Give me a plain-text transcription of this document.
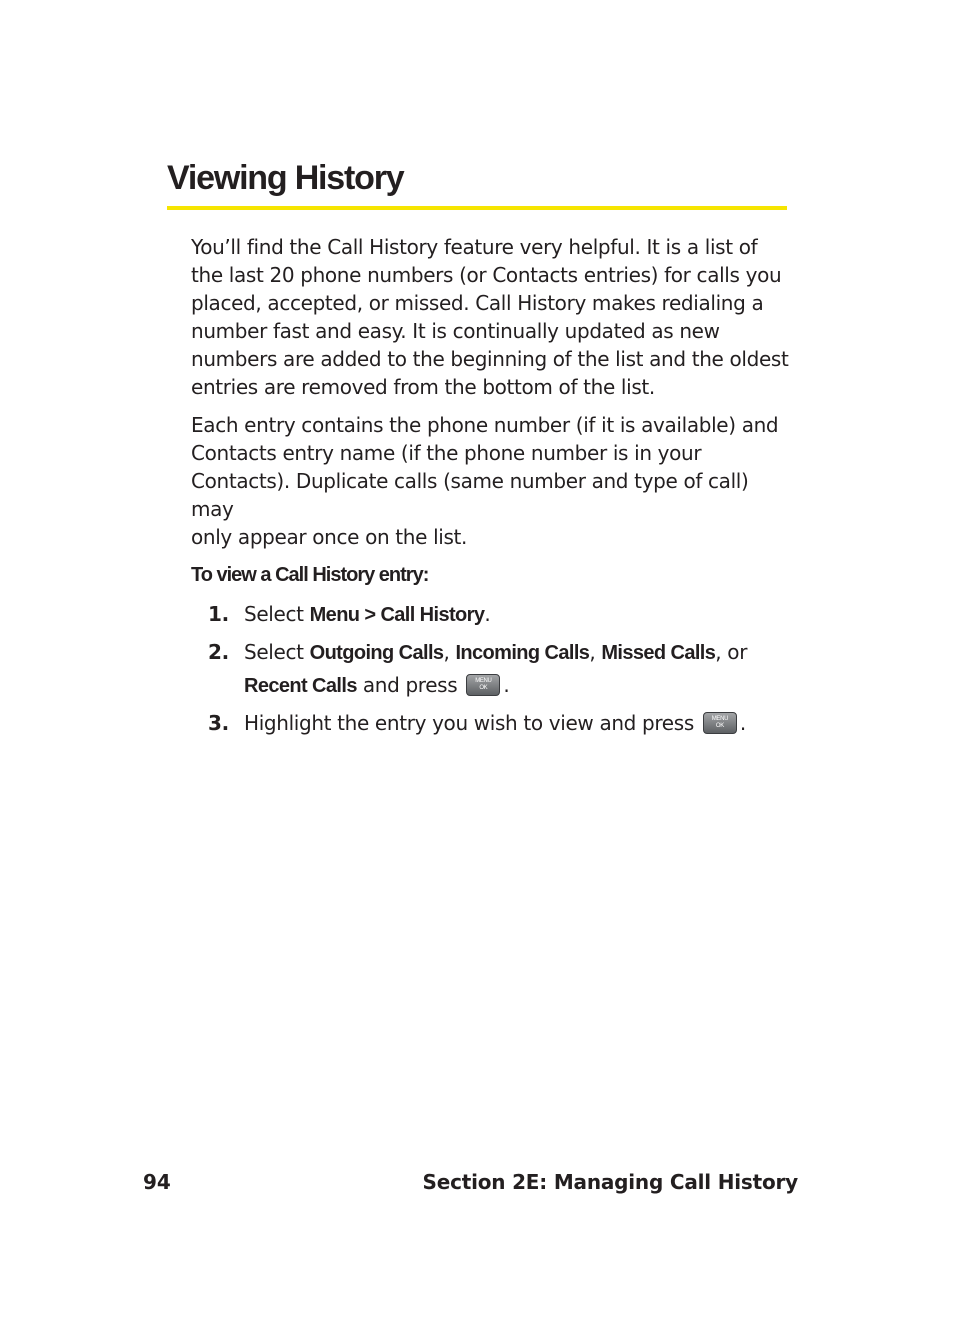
Viewing History

You’ll find the Call History feature very helpful. It is a list of
the last 20 phone numbers (or Contacts entries) for calls you
placed, accepted, or missed. Call History makes redialing a
number fast and easy. It is continually updated as new
numbers are added to the beginning of the list and the oldest
entries are removed from the bottom of the list.

Each entry contains the phone number (if it is available) and
Contacts entry name (if the phone number is in your
Contacts). Duplicate calls (same number and type of call) may
only appear once on the list.

To view a Call History entry:

1. Select Menu > Call History.
2. Select Outgoing Calls, Incoming Calls, Missed Calls, or
Recent Calls and press	MENU
OK .
3. Highlight the entry you wish to view and press	MENU
OK .
94	Section 2E: Managing Call History
